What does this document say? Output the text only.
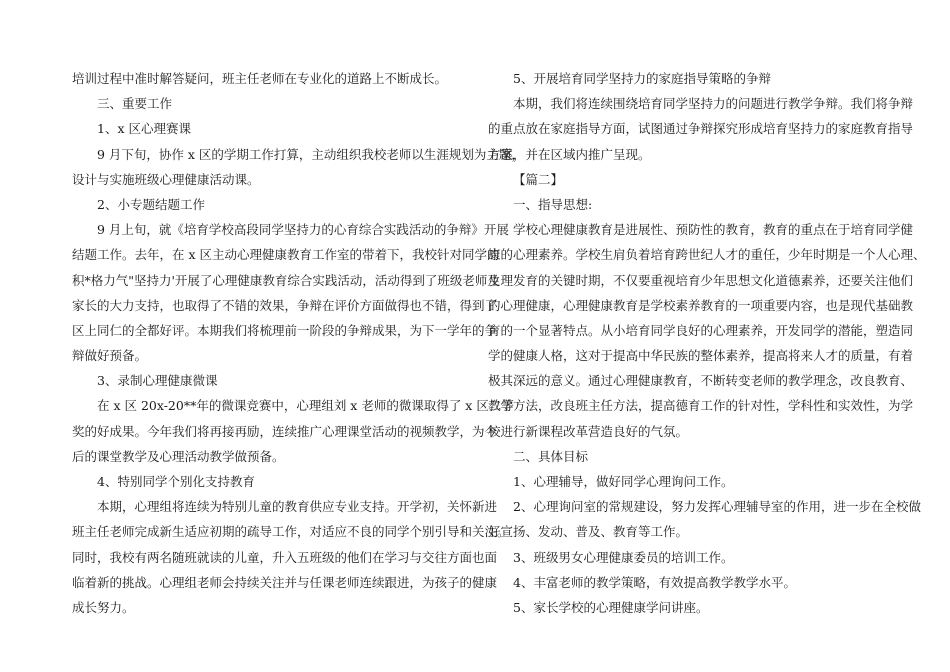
培训过程中准时解答疑问，班主任老师在专业化的道路上不断成长。
三、重要工作
1、x 区心理赛课
9 月下旬，协作 x 区的学期工作打算，主动组织我校老师以生涯规划为主题，
设计与实施班级心理健康活动课。
2、小专题结题工作
9 月上旬，就《培育学校高段同学坚持力的心育综合实践活动的争辩》开展
结题工作。去年，在 x 区主动心理健康教育工作室的带着下，我校针对同学的
积*格力气"坚持力'开展了心理健康教育综合实践活动，活动得到了班级老师及
家长的大力支持，也取得了不错的效果，争辩在评价方面做得也不错，得到了
区上同仁的全都好评。本期我们将梳理前一阶段的争辩成果，为下一学年的争
辩做好预备。
3、录制心理健康微课
在 x 区 20x-20**年的微课竞赛中，心理组刘 x 老师的微课取得了 x 区二等
奖的好成果。今年我们将再接再励，连续推广心理课堂活动的视频教学，为今
后的课堂教学及心理活动教学做预备。
4、特别同学个别化支持教育
本期，心理组将连续为特别儿童的教育供应专业支持。开学初，关怀新进
班主任老师完成新生适应初期的疏导工作，对适应不良的同学个别引导和关注。
同时，我校有两名随班就读的儿童，升入五班级的他们在学习与交往方面也面
临着新的挑战。心理组老师会持续关注并与任课老师连续跟进，为孩子的健康
成长努力。
5、开展培育同学坚持力的家庭指导策略的争辩
本期，我们将连续围绕培育同学坚持力的问题进行教学争辩。我们将争辩
的重点放在家庭指导方面，试图通过争辩探究形成培育坚持力的家庭教育指导
方案，并在区域内推广呈现。
【篇二】
一、指导思想:
学校心理健康教育是进展性、预防性的教育，教育的重点在于培育同学健
康的心理素养。学校生肩负着培育跨世纪人才的重任，少年时期是一个人心理、
生理发育的关键时期，不仅要重视培育少年思想文化道德素养，还要关注他们
的心理健康，心理健康教育是学校素养教育的一项重要内容，也是现代基础教
育的一个显著特点。从小培育同学良好的心理素养，开发同学的潜能，塑造同
学的健康人格，这对于提高中华民族的整体素养，提高将来人才的质量，有着
极其深远的意义。通过心理健康教育，不断转变老师的教学理念，改良教育、
教学方法，改良班主任方法，提高德育工作的针对性，学科性和实效性，为学
校进行新课程改革营造良好的气氛。
二、具体目标
1、心理辅导，做好同学心理询问工作。
2、心理询问室的常规建设，努力发挥心理辅导室的作用，进一步在全校做
好宣扬、发动、普及、教育等工作。
3、班级男女心理健康委员的培训工作。
4、丰富老师的教学策略，有效提高教学教学水平。
5、家长学校的心理健康学问讲座。
